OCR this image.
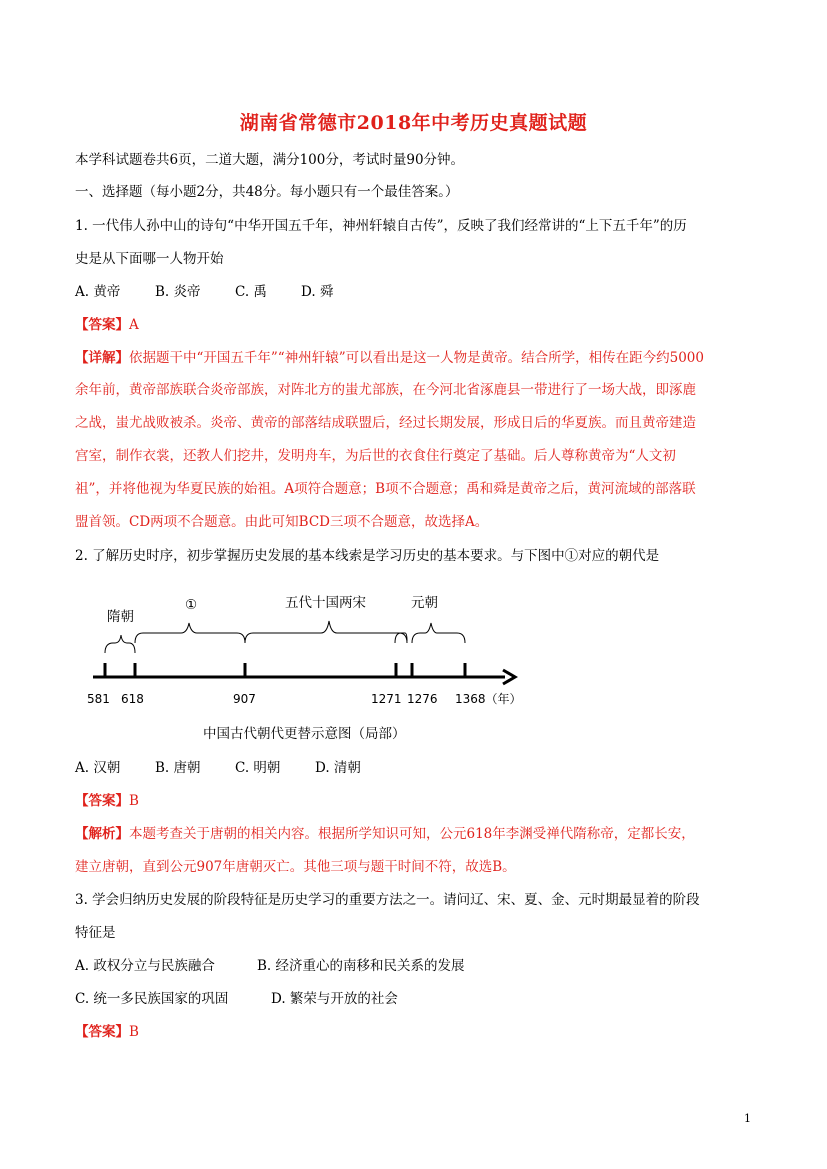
湖南省常德市2018年中考历史真题试题
本学科试题卷共6页，二道大题，满分100分，考试时量90分钟。
一、选择题（每小题2分，共48分。每小题只有一个最佳答案。）
1. 一代伟人孙中山的诗句“中华开国五千年，神州轩辕自古传”，反映了我们经常讲的“上下五千年”的历
史是从下面哪一人物开始
A. 黄帝	B. 炎帝	C. 禹	D. 舜
【答案】A
【详解】依据题干中“开国五千年”“神州轩辕”可以看出是这一人物是黄帝。结合所学，相传在距今约5000
余年前，黄帝部族联合炎帝部族，对阵北方的蚩尤部族，在今河北省涿鹿县一带进行了一场大战，即涿鹿
之战，蚩尤战败被杀。炎帝、黄帝的部落结成联盟后，经过长期发展，形成日后的华夏族。而且黄帝建造
宫室，制作衣裳，还教人们挖井，发明舟车，为后世的衣食住行奠定了基础。后人尊称黄帝为“人文初
祖”，并将他视为华夏民族的始祖。A项符合题意；B项不合题意；禹和舜是黄帝之后，黄河流域的部落联
盟首领。CD两项不合题意。由此可知BCD三项不合题意，故选择A。
2. 了解历史时序，初步掌握历史发展的基本线索是学习历史的基本要求。与下图中①对应的朝代是
隋朝
①	五代十国两宋	元朝
581 618	907	1271 1276 1368（年）
中国古代朝代更替示意图（局部）
A. 汉朝	B. 唐朝	C. 明朝	D. 清朝
【答案】B
【解析】本题考查关于唐朝的相关内容。根据所学知识可知，公元618年李渊受禅代隋称帝，定都长安，
建立唐朝，直到公元907年唐朝灭亡。其他三项与题干时间不符，故选B。
3. 学会归纳历史发展的阶段特征是历史学习的重要方法之一。请问辽、宋、夏、金、元时期最显着的阶段
特征是
A. 政权分立与民族融合	B. 经济重心的南移和民关系的发展
C. 统一多民族国家的巩固	D. 繁荣与开放的社会
【答案】B
1
